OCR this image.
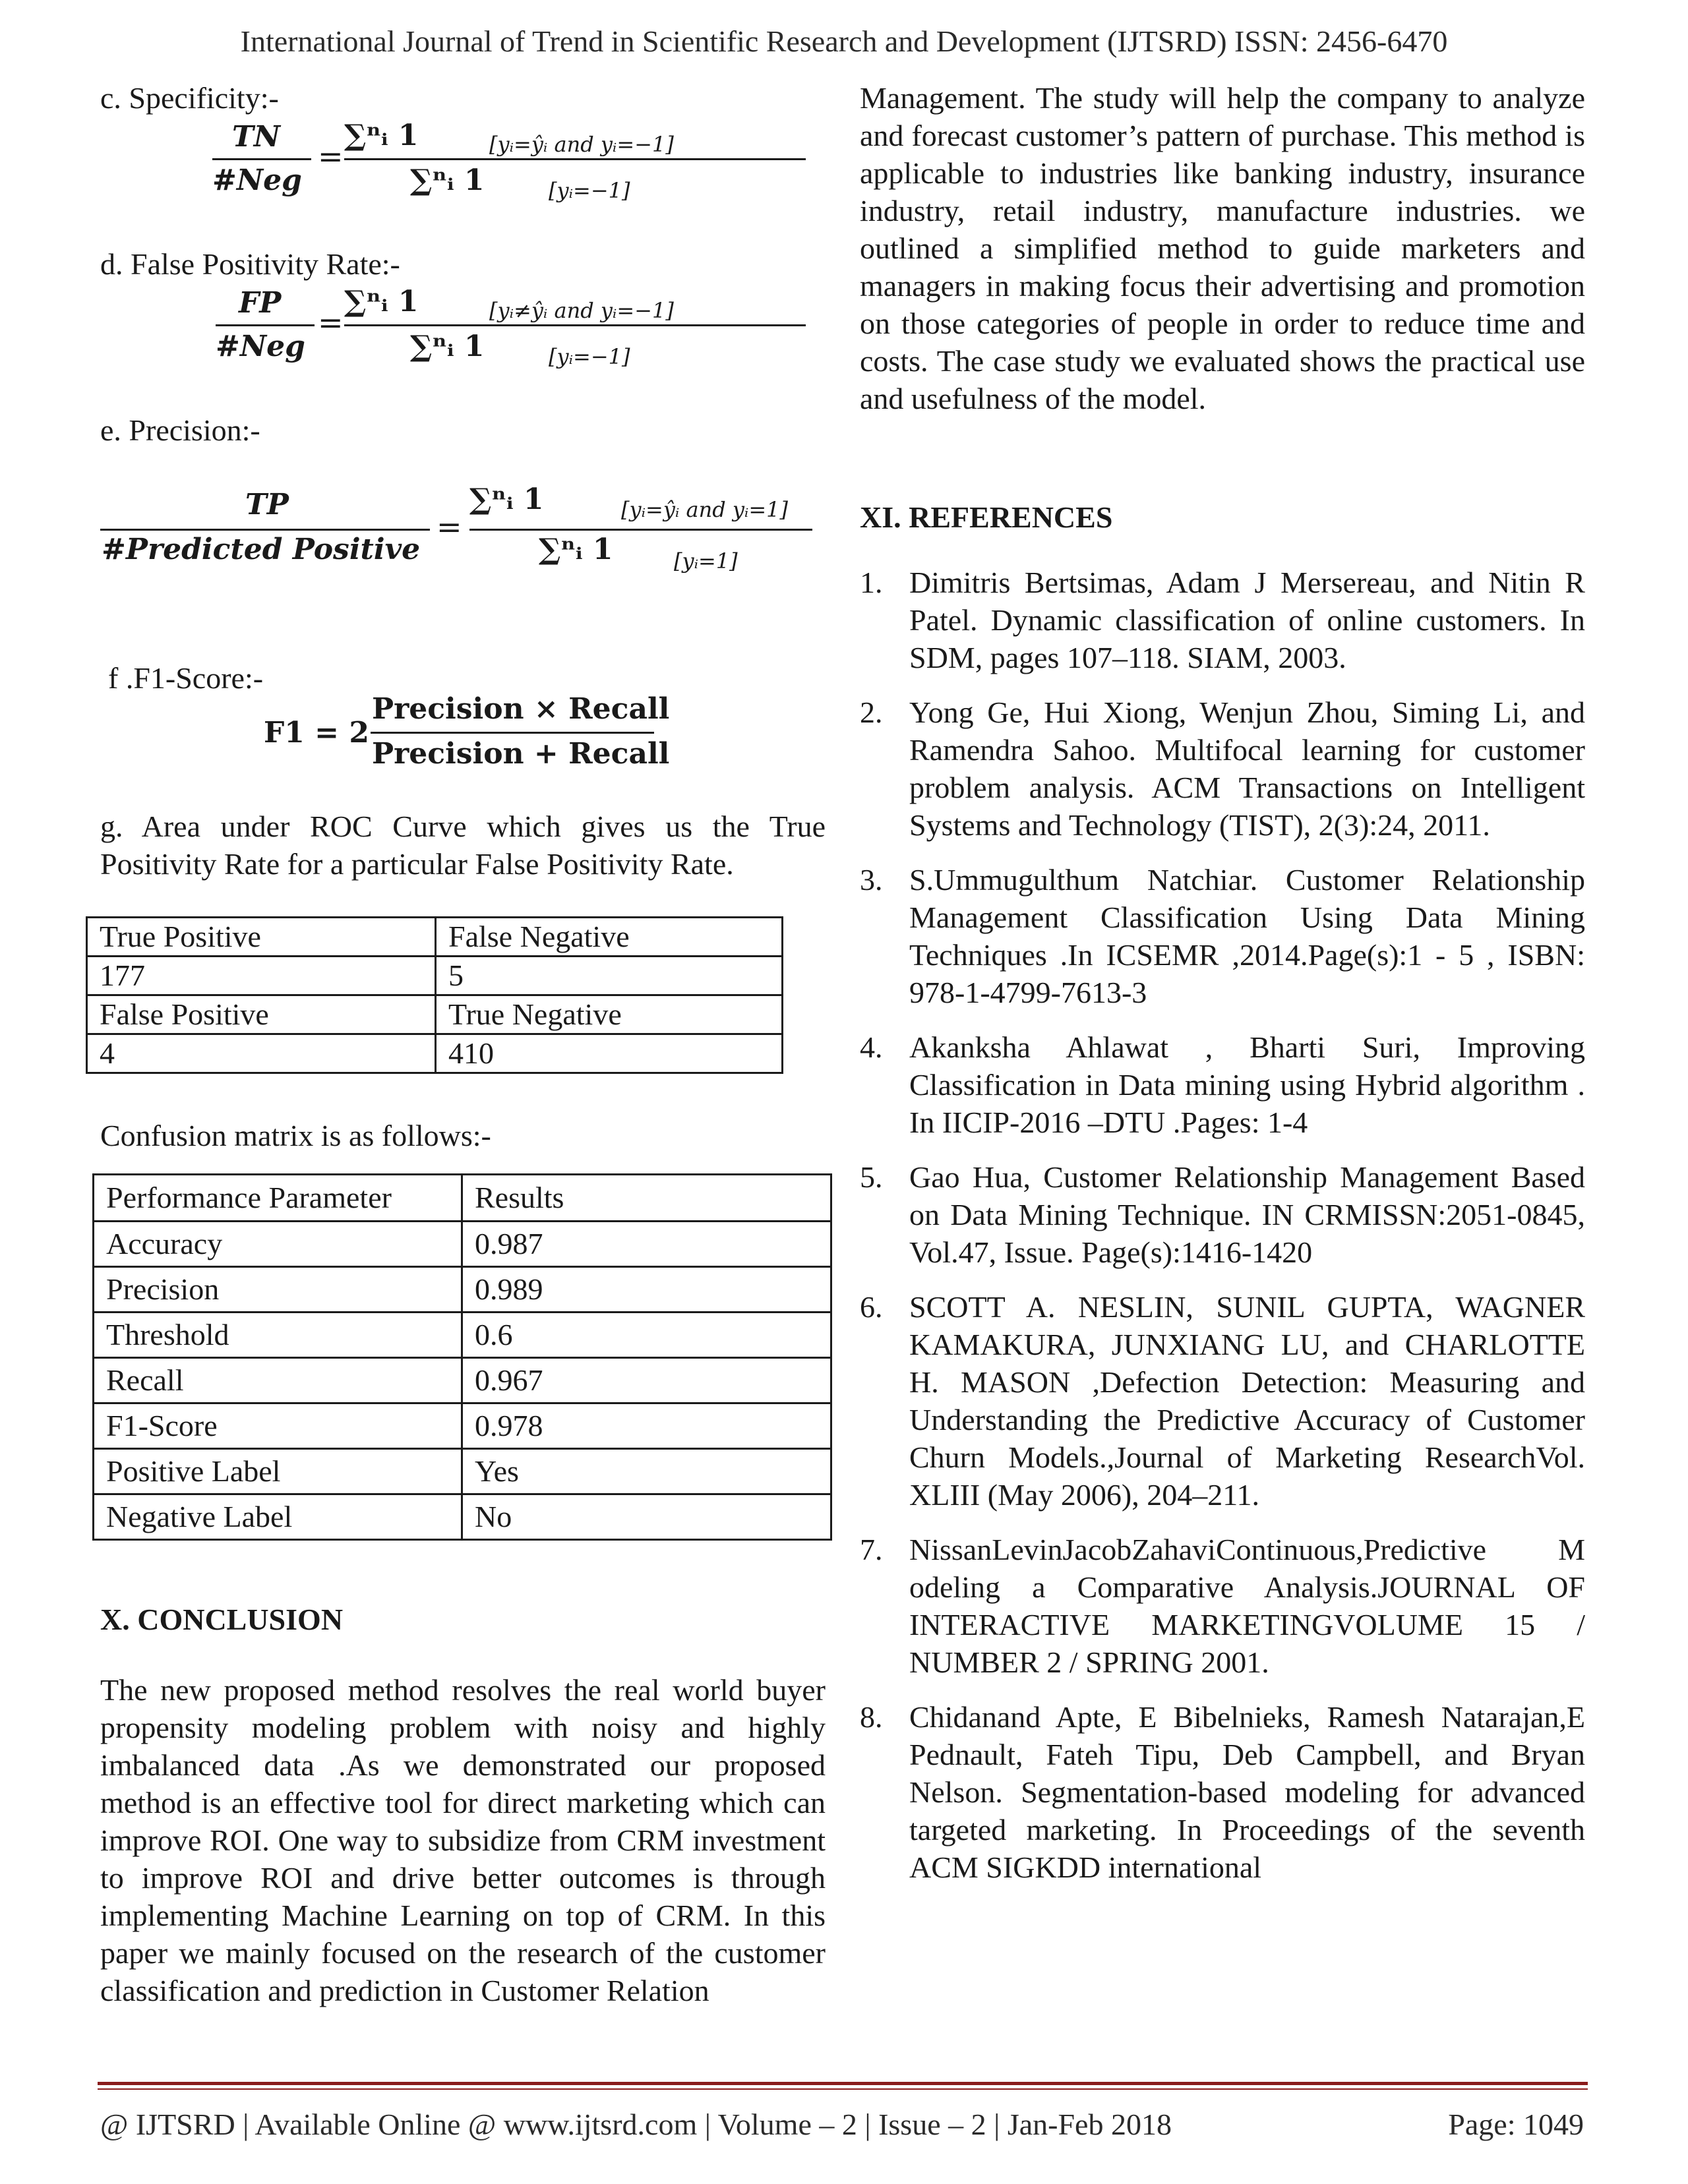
International Journal of Trend in Scientific Research and Development (IJTSRD) ISSN: 2456-6470
c. Specificity:-
TN
#Neg
=
∑ⁿᵢ 1	[yᵢ=ŷᵢ and yᵢ=−1]
∑ⁿᵢ 1	[yᵢ=−1]
d. False Positivity Rate:-
FP
#Neg
=
∑ⁿᵢ 1	[yᵢ≠ŷᵢ and yᵢ=−1]
∑ⁿᵢ 1	[yᵢ=−1]
e. Precision:-
TP
#Predicted Positive
=
∑ⁿᵢ 1	[yᵢ=ŷᵢ and yᵢ=1]
∑ⁿᵢ 1	[yᵢ=1]
f .F1-Score:-
F1 = 2
Precision × Recall
Precision + Recall
g. Area under ROC Curve which gives us the True Positivity Rate for a particular False Positivity Rate.
True Positive	False Negative
177	5
False Positive	True Negative
4	410
Confusion matrix is as follows:-
Performance Parameter	Results
Accuracy	0.987
Precision	0.989
Threshold	0.6
Recall	0.967
F1-Score	0.978
Positive Label	Yes
Negative Label	No
X. CONCLUSION
The new proposed method resolves the real world buyer propensity modeling problem with noisy and highly imbalanced data .As we demonstrated our proposed method is an effective tool for direct marketing which can improve ROI. One way to subsidize from CRM investment to improve ROI and drive better outcomes is through implementing Machine Learning on top of CRM. In this paper we mainly focused on the research of the customer classification and prediction in Customer Relation
Management. The study will help the company to analyze and forecast customer’s pattern of purchase. This method is applicable to industries like banking industry, insurance industry, retail industry, manufacture industries. we outlined a simplified method to guide marketers and managers in making focus their advertising and promotion on those categories of people in order to reduce time and costs. The case study we evaluated shows the practical use and usefulness of the model.
XI. REFERENCES
1. Dimitris Bertsimas, Adam J Mersereau, and Nitin R Patel. Dynamic classification of online customers. In SDM, pages 107–118. SIAM, 2003.
2. Yong Ge, Hui Xiong, Wenjun Zhou, Siming Li, and Ramendra Sahoo. Multifocal learning for customer problem analysis. ACM Transactions on Intelligent Systems and Technology (TIST), 2(3):24, 2011.
3. S.Ummugulthum Natchiar. Customer Relationship Management Classification Using Data Mining Techniques .In ICSEMR ,2014.Page(s):1 - 5 , ISBN: 978-1-4799-7613-3
4. Akanksha Ahlawat , Bharti Suri, Improving Classification in Data mining using Hybrid algorithm . In IICIP-2016 –DTU .Pages: 1-4
5. Gao Hua, Customer Relationship Management Based on Data Mining Technique. IN CRMISSN:2051-0845, Vol.47, Issue. Page(s):1416-1420
6. SCOTT A. NESLIN, SUNIL GUPTA, WAGNER KAMAKURA, JUNXIANG LU, and CHARLOTTE H. MASON ,Defection Detection: Measuring and Understanding the Predictive Accuracy of Customer Churn Models.,Journal of Marketing ResearchVol. XLIII (May 2006), 204–211.
7. NissanLevinJacobZahaviContinuous,Predictive M odeling a Comparative Analysis.JOURNAL OF INTERACTIVE MARKETINGVOLUME 15 / NUMBER 2 / SPRING 2001.
8. Chidanand Apte, E Bibelnieks, Ramesh Natarajan,E Pednault, Fateh Tipu, Deb Campbell, and Bryan Nelson. Segmentation-based modeling for advanced targeted marketing. In Proceedings of the seventh ACM SIGKDD international
@ IJTSRD | Available Online @ www.ijtsrd.com | Volume – 2 | Issue – 2 | Jan-Feb 2018	Page: 1049
